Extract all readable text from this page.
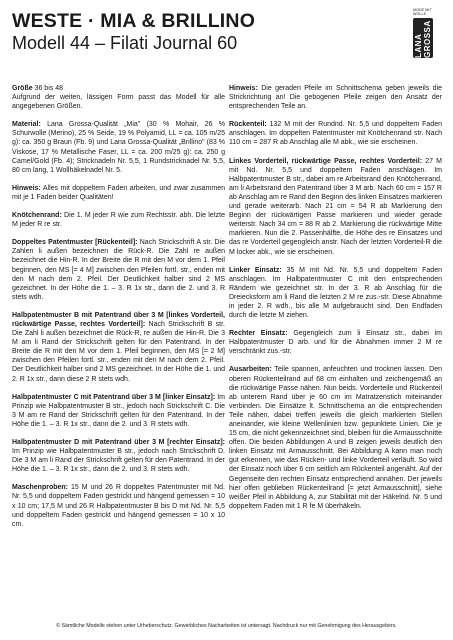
WESTE · MIA & BRILLINO
Modell 44 – Filati Journal 60
MODE MIT WOLLE
LANA GROSSA

Größe 36 bis 48
Aufgrund der weiten, lässigen Form passt das Modell für alle angegebenen Größen.

Material: Lana Grossa-Qualität „Mia" (30 % Mohair, 26 % Schurwolle (Merino), 25 % Seide, 19 % Polyamid, LL = ca. 105 m/25 g): ca. 350 g Braun (Fb. 9) und Lana Grossa-Qualität „Brillino" (83 % Viskose, 17 % Metallische Faser, LL = ca. 200 m/25 g): ca. 250 g Camel/Gold (Fb. 4); Stricknadeln Nr. 5,5, 1 Rundstricknadel Nr. 5,5, 80 cm lang, 1 Wollhäkelnadel Nr. 5.

Hinweis: Alles mit doppeltem Faden arbeiten, und zwar zusammen mit je 1 Faden beider Qualitäten!

Knötchenrand: Die 1. M jeder R wie zum Rechtsstr. abh. Die letzte M jeder R re str.

Doppeltes Patentmuster [Rückenteil]: Nach Strickschrift A str. Die Zahlen li außen bezeichnen die Rück-R. Die Zahl re außen bezeichnet die Hin-R. In der Breite die R mit den M vor dem 1. Pfeil beginnen, den MS [= 4 M] zwischen den Pfeilen fortl. str., enden mit den M nach dem 2. Pfeil. Der Deutlichkeit halber sind 2 MS gezeichnet. In der Höhe die 1. – 3. R 1x str., dann die 2. und 3. R stets wdh.

Halbpatentmuster B mit Patentrand über 3 M [linkes Vorderteil, rückwärtige Passe, rechtes Vorderteil]: Nach Strickschrift B str. Die Zahl li außen bezeichnet die Rück-R, re außen die Hin-R. Die 3 M am li Rand der Strickschrift gelten für den Patentrand. In der Breite die R mit den M vor dem 1. Pfeil beginnen, den MS [= 2 M] zwischen den Pfeilen fortl. str., enden mit den M nach dem 2. Pfeil. Der Deutlichkeit halber sind 2 MS gezeichnet. In der Höhe die 1. und 2. R 1x str., dann diese 2 R stets wdh.

Halbpatentmuster C mit Patentrand über 3 M [linker Einsatz]: Im Prinzip wie Halbpatentmuster B str., jedoch nach Strickschrift C. Die 3 M am re Rand der Strickschrift gelten für den Patentrand. In der Höhe die 1. – 3. R 1x str., dann die 2. und 3. R stets wdh.

Halbpatentmuster D mit Patentrand über 3 M [rechter Einsatz]: Im Prinzip wie Halbpatentmuster B str., jedoch nach Strickschrift D. Die 3 M am li Rand der Strickschrift gelten für den Patentrand. In der Höhe die 1. – 3. R 1x str., dann die 2. und 3. R stets wdh.

Maschenproben: 15 M und 26 R doppeltes Patentmuster mit Nd. Nr. 5,5 und doppeltem Faden gestrickt und hängend gemessen = 10 x 10 cm; 17,5 M und 26 R Halbpatentmuster B bis D mit Nd. Nr. 5,5 und doppeltem Faden gestrickt und hängend gemessen = 10 x 10 cm.

Hinweis: Die geraden Pfeile im Schnittschema geben jeweils die Strickrichtung an! Die gebogenen Pfeile zeigen den Ansatz der entsprechenden Teile an.

Rückenteil: 132 M mit der Rundnd. Nr. 5,5 und doppeltem Faden anschlagen. Im doppelten Patentmuster mit Knötchenrand str. Nach 110 cm = 287 R ab Anschlag alle M abk., wie sie erscheinen.

Linkes Vorderteil, rückwärtige Passe, rechtes Vorderteil: 27 M mit Nd. Nr. 5,5 und doppeltem Faden anschlagen. Im Halbpatentmuster B str., dabei am re Arbeitsrand den Knötchenrand, am li Arbeitsrand den Patentrand über 3 M arb. Nach 60 cm = 157 R ab Anschlag am re Rand den Beginn des linken Einsatzes markieren und gerade weiterarb. Nach 21 cm = 54 R ab Markierung den Beginn der rückwärtigen Passe markieren und wieder gerade weiterstr. Nach 34 cm = 88 R ab 2. Markierung die rückwärtige Mitte markieren. Nun die 2. Passenhälfte, die Höhe des re Einsatzes und das re Vorderteil gegengleich anstr. Nach der letzten Vorderteil-R die M locker abk., wie sie erscheinen.

Linker Einsatz: 35 M mit Nd. Nr. 5,5 und doppeltem Faden anschlagen. Im Halbpatentmuster C mit den entsprechenden Rändern wie gezeichnet str. In der 3. R ab Anschlag für die Dreiecksform am li Rand die letzten 2 M re zus.-str. Diese Abnahme in jeder 2. R wdh., bis alle M aufgebraucht sind. Den Endfaden durch die letzte M ziehen.

Rechter Einsatz: Gegengleich zum li Einsatz str., dabei im Halbpatentmuster D arb. und für die Abnahmen immer 2 M re verschränkt zus.-str.

Ausarbeiten: Teile spannen, anfeuchten und trocknen lassen. Den oberen Rückenteilrand auf 68 cm einhalten und zeichengemäß an die rückwärtige Passe nähen. Nun beids. Vorderteile und Rückenteil ab unterem Rand über je 60 cm im Matratzenstich miteinander verbinden. Die Einsätze lt. Schnittschema an die entsprechenden Teile nähen, dabei treffen jeweils die gleich markierten Stellen aneinander, wie kleine Wellenlinien bzw. gepunktete Linien. Die je 15 cm, die nicht gekennzeichnet sind, bleiben für die Armausschnitte offen. Die beiden Abbildungen A und B zeigen jeweils deutlich den linken Einsatz mit Armausschnitt. Bei Abbildung A kann man noch gut erkennen, wie das Rücken- und linke Vorderteil verläuft. So wird der Einsatz noch über 6 cm seitlich am Rückenteil angenäht. Auf der Gegenseite den rechten Einsatz entsprechend annähen. Der jeweils hier offen geblieben Rückenteilrand [= jetzt Armausschnitt], siehe weißer Pfeil in Abbildung A, zur Stabilität mit der Häkelnd. Nr. 5 und doppeltem Faden mit 1 R fe M überhäkeln.

© Sämtliche Modelle stehen unter Urheberschutz. Gewerbliches Nacharbeiten ist untersagt. Nachdruck nur mit Genehmigung des Herausgebers.
